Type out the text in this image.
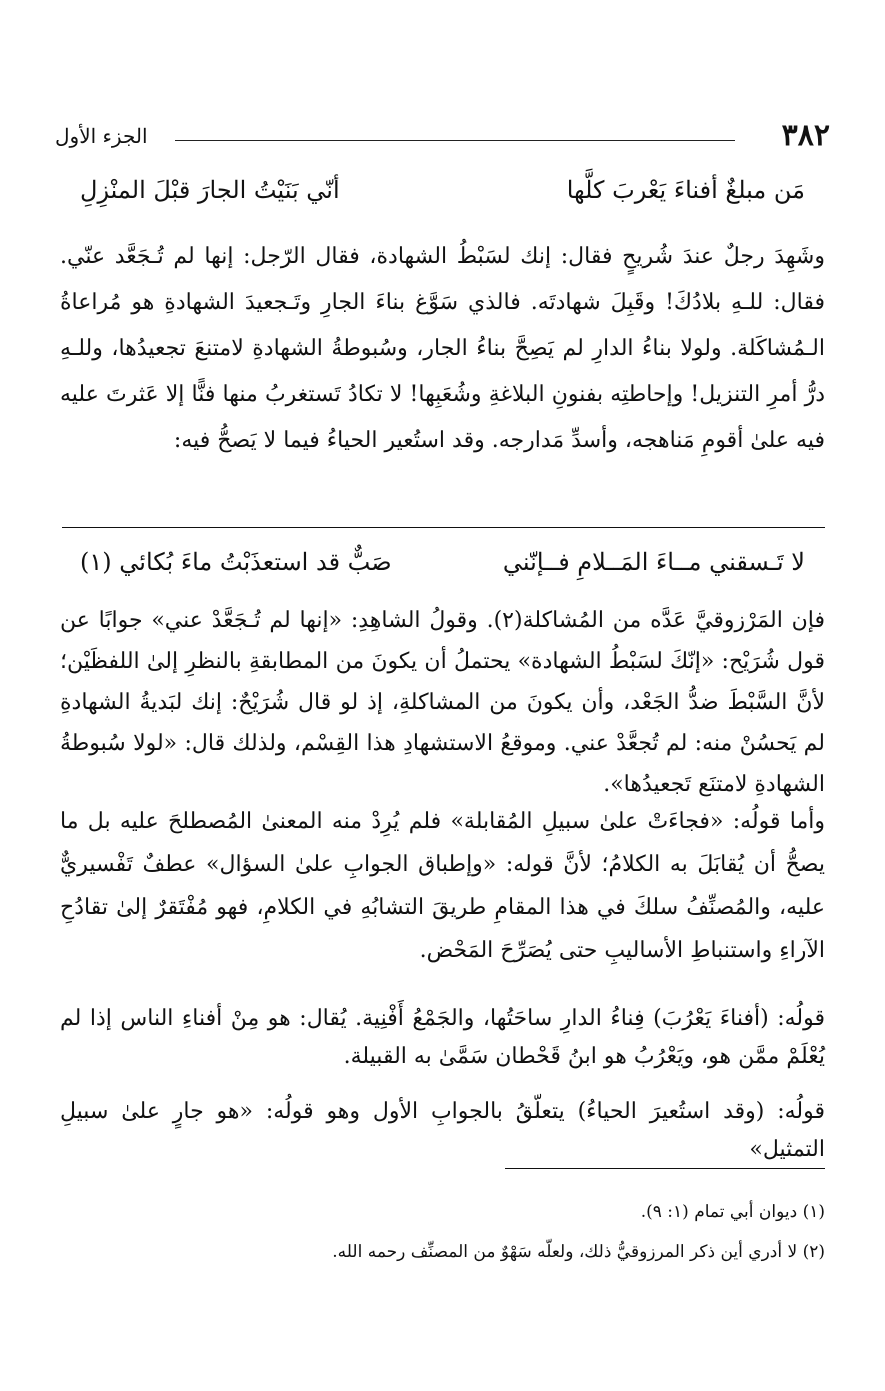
٣٨٢
الجزء الأول
مَن مبلغٌ أفناءَ يَعْربَ كلَّها
أنّي بَنَيْتُ الجارَ قبْلَ المنْزِلِ

وشَهِدَ رجلٌ عندَ شُريحٍ فقال: إنك لسَبْطُ الشهادة، فقال الرّجل: إنها لم تُـجَعَّد عنّي. فقال: للـهِ بلادُكَ! وقَبِلَ شهادتَه. فالذي سَوَّغ بناءَ الجارِ وتَـجعيدَ الشهادةِ هو مُراعاةُ الـمُشاكَلة. ولولا بناءُ الدارِ لم يَصِحَّ بناءُ الجار، وسُبوطةُ الشهادةِ لامتنعَ تجعيدُها، وللـهِ درُّ أمرِ التنزيل! وإحاطتِه بفنونِ البلاغةِ وشُعَبِها! لا تكادُ تَستغربُ منها فنًّا إلا عَثرتَ عليه فيه علىٰ أقومِ مَناهجه، وأسدِّ مَدارجه. وقد استُعير الحياءُ فيما لا يَصحُّ فيه:

لا تَـسقني مــاءَ المَــلامِ فــإنّني
صَبٌّ قد استعذَبْتُ ماءَ بُكائي (١)

فإن المَرْزوقيَّ عَدَّه من المُشاكلة(٢). وقولُ الشاهِدِ: «إنها لم تُـجَعَّدْ عني» جوابًا عن قول شُرَيْح: «إنّكَ لسَبْطُ الشهادة» يحتملُ أن يكونَ من المطابقةِ بالنظرِ إلىٰ اللفظَيْن؛ لأنَّ السَّبْطَ ضدُّ الجَعْد، وأن يكونَ من المشاكلةِ، إذ لو قال شُرَيْحٌ: إنك لبَديةُ الشهادةِ لم يَحسُنْ منه: لم تُجعَّدْ عني. وموقعُ الاستشهادِ هذا القِسْم، ولذلك قال: «لولا سُبوطةُ الشهادةِ لامتنَع تَجعيدُها».

وأما قولُه: «فجاءَتْ علىٰ سبيلِ المُقابلة» فلم يُرِدْ منه المعنىٰ المُصطلحَ عليه بل ما يصحُّ أن يُقابَلَ به الكلامُ؛ لأنَّ قوله: «وإطباق الجوابِ علىٰ السؤال» عطفٌ تَفْسيريٌّ عليه، والمُصنِّفُ سلكَ في هذا المقامِ طريقَ التشابُهِ في الكلامِ، فهو مُفْتَقرٌ إلىٰ تقادُحِ الآراءِ واستنباطِ الأساليبِ حتى يُصَرِّحَ المَحْض.

قولُه: (أفناءَ يَعْرُبَ) فِناءُ الدارِ ساحَتُها، والجَمْعُ أَفْنِية. يُقال: هو مِنْ أفناءِ الناس إذا لم يُعْلَمْ ممَّن هو، ويَعْرُبُ هو ابنُ قَحْطان سَمَّىٰ به القبيلة.

قولُه: (وقد استُعيرَ الحياءُ) يتعلّقُ بالجوابِ الأول وهو قولُه: «هو جارٍ علىٰ سبيلِ التمثيل»

(١) ديوان أبي تمام (١: ٩).
(٢) لا أدري أين ذكر المرزوقيُّ ذلك، ولعلّه سَهْوٌ من المصنِّف رحمه الله.
